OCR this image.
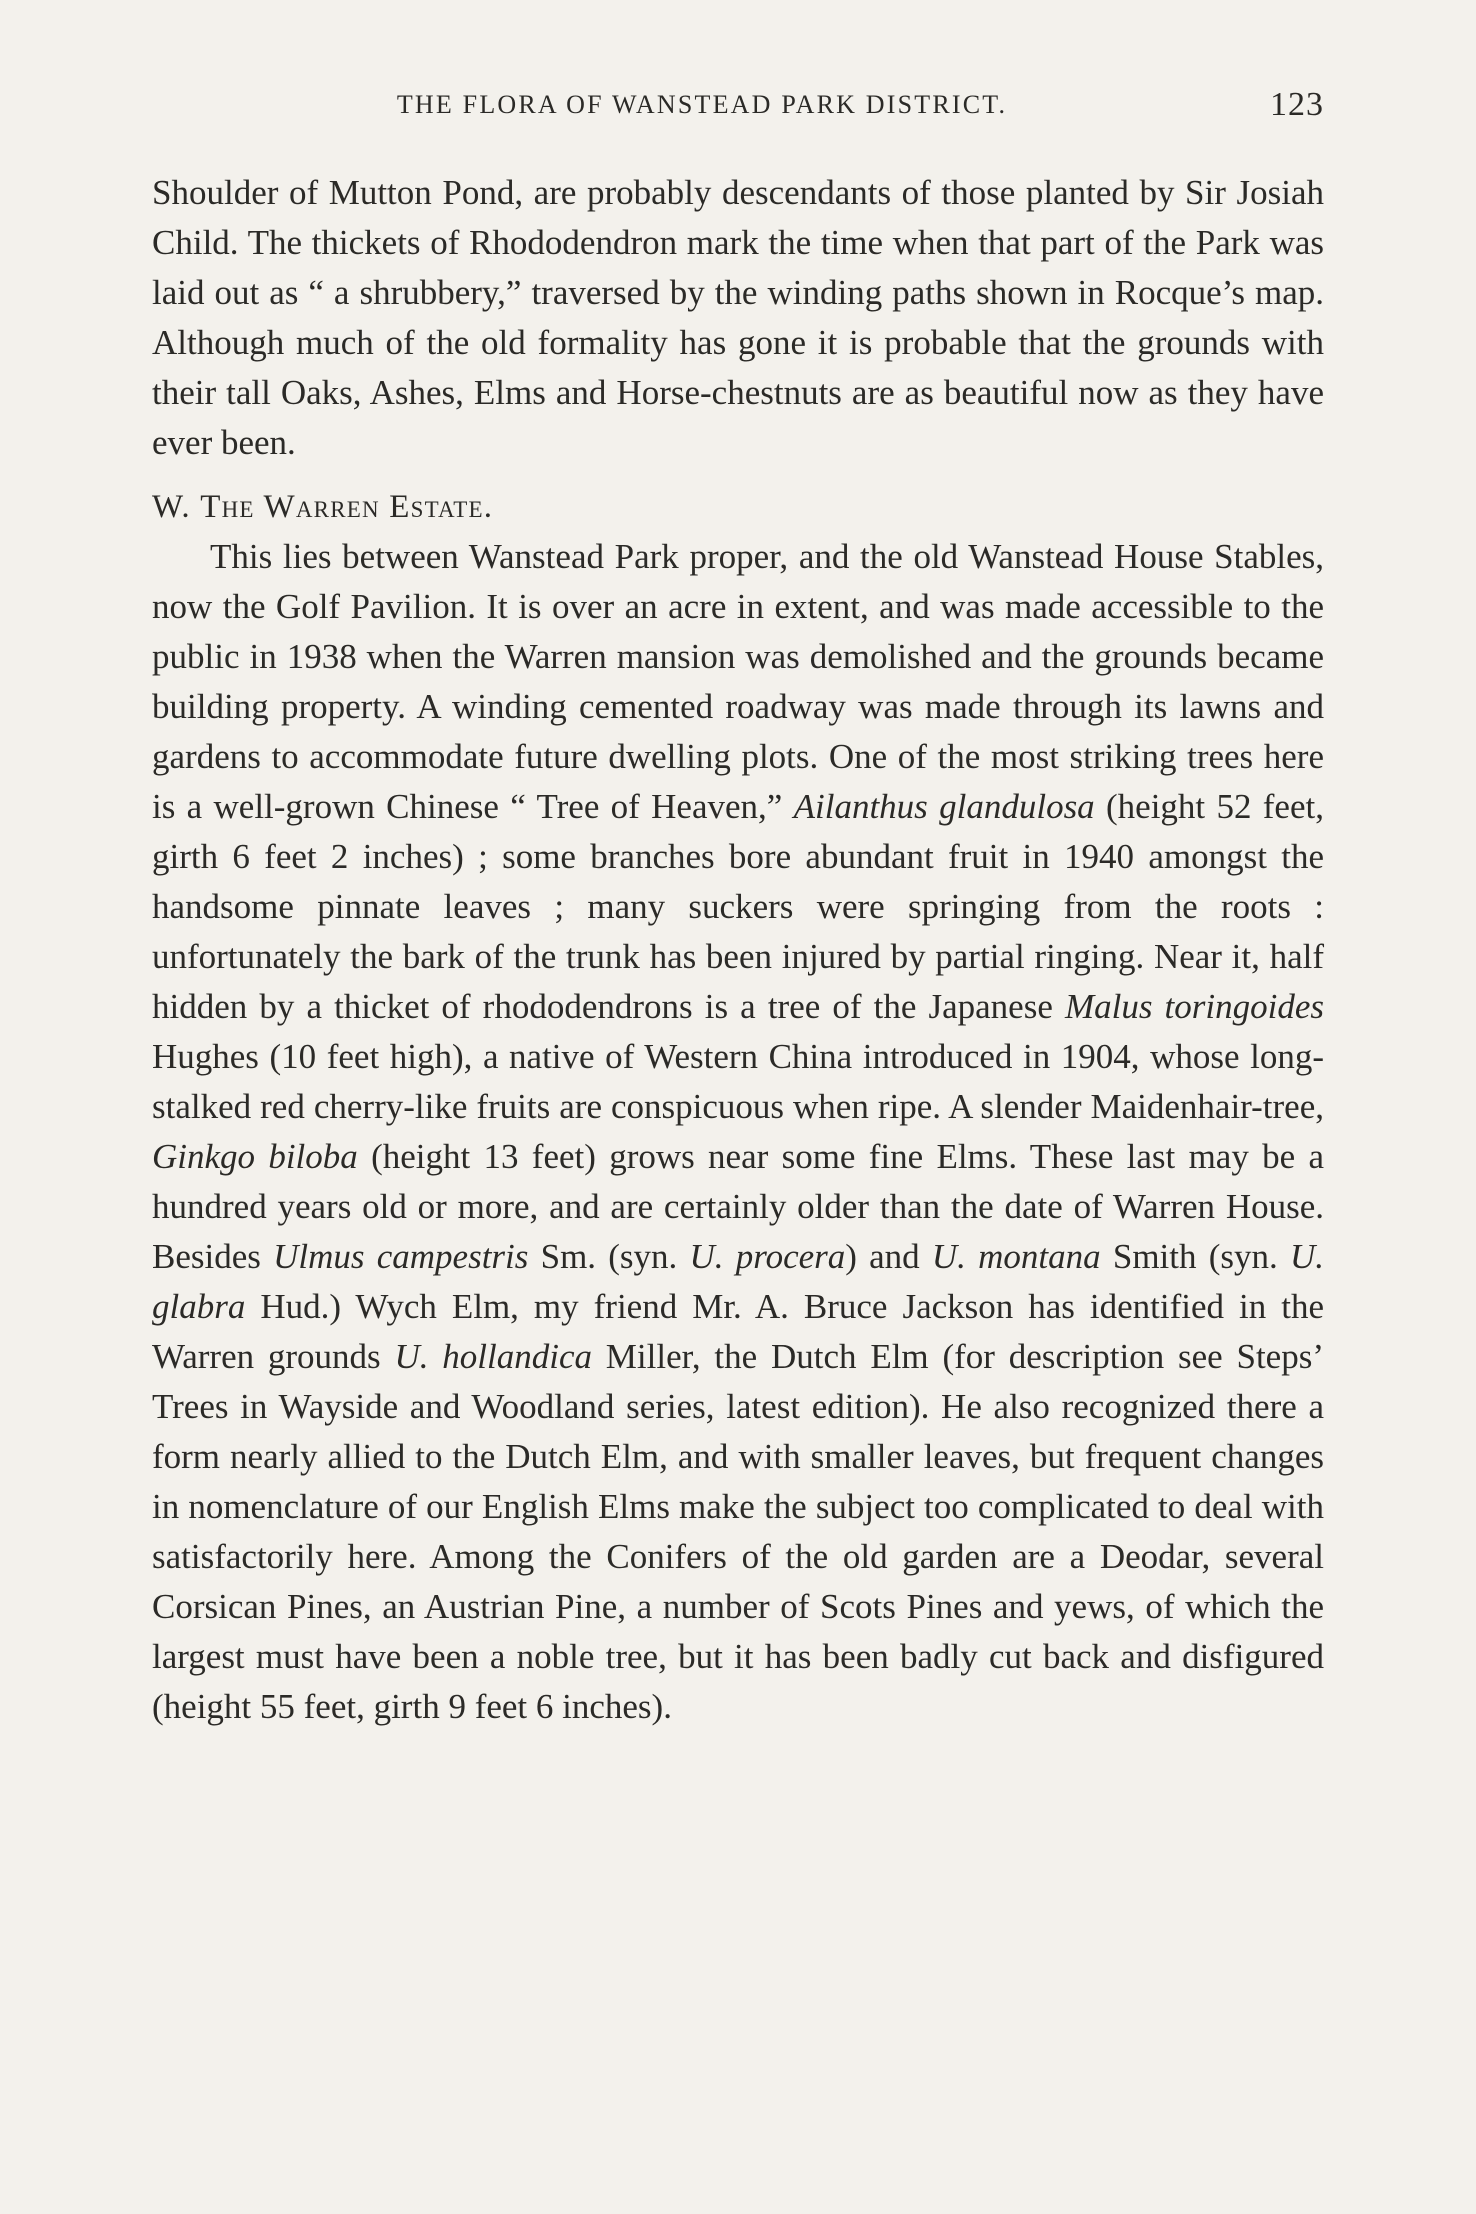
THE FLORA OF WANSTEAD PARK DISTRICT.	123

Shoulder of Mutton Pond, are probably descendants of those planted by Sir Josiah Child. The thickets of Rhododendron mark the time when that part of the Park was laid out as “ a shrubbery,” traversed by the winding paths shown in Rocque’s map. Although much of the old formality has gone it is probable that the grounds with their tall Oaks, Ashes, Elms and Horse-chestnuts are as beautiful now as they have ever been.

W. The Warren Estate.

This lies between Wanstead Park proper, and the old Wanstead House Stables, now the Golf Pavilion. It is over an acre in extent, and was made accessible to the public in 1938 when the Warren mansion was demolished and the grounds became building property. A winding cemented roadway was made through its lawns and gardens to accommodate future dwelling plots. One of the most striking trees here is a well-grown Chinese “ Tree of Heaven,” Ailanthus glandulosa (height 52 feet, girth 6 feet 2 inches) ; some branches bore abundant fruit in 1940 amongst the handsome pinnate leaves ; many suckers were springing from the roots : unfortunately the bark of the trunk has been injured by partial ringing. Near it, half hidden by a thicket of rhododendrons is a tree of the Japanese Malus toringoides Hughes (10 feet high), a native of Western China introduced in 1904, whose long-stalked red cherry-like fruits are conspicuous when ripe. A slender Maidenhair-tree, Ginkgo biloba (height 13 feet) grows near some fine Elms. These last may be a hundred years old or more, and are certainly older than the date of Warren House. Besides Ulmus campestris Sm. (syn. U. procera) and U. montana Smith (syn. U. glabra Hud.) Wych Elm, my friend Mr. A. Bruce Jackson has identified in the Warren grounds U. hollandica Miller, the Dutch Elm (for description see Steps’ Trees in Wayside and Woodland series, latest edition). He also recognized there a form nearly allied to the Dutch Elm, and with smaller leaves, but frequent changes in nomenclature of our English Elms make the subject too complicated to deal with satisfactorily here. Among the Conifers of the old garden are a Deodar, several Corsican Pines, an Austrian Pine, a number of Scots Pines and yews, of which the largest must have been a noble tree, but it has been badly cut back and disfigured (height 55 feet, girth 9 feet 6 inches).
